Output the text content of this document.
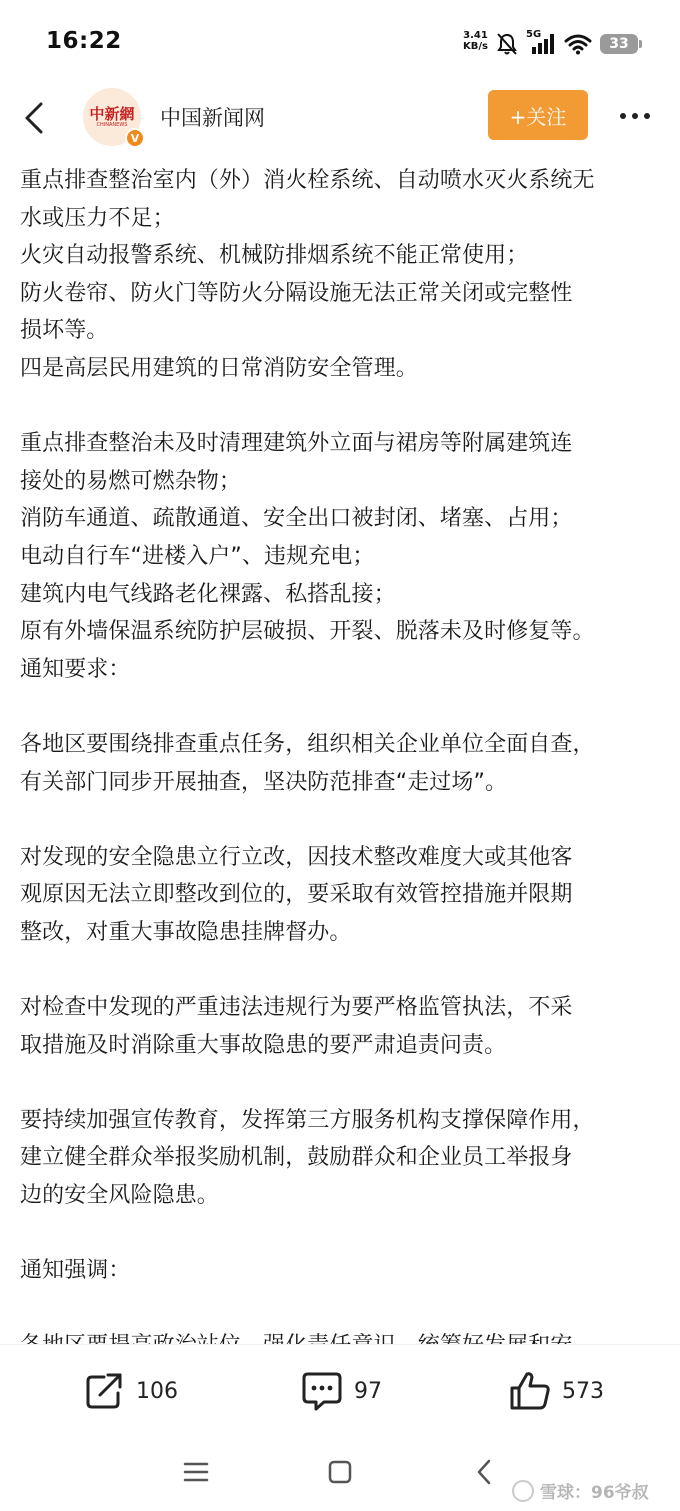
16:22	3.41
KB/s
5G
33
中新網
CHINANEWS
V
中国新闻网	+关注
重点排查整治室内（外）消火栓系统、自动喷水灭火系统无
水或压力不足；
火灾自动报警系统、机械防排烟系统不能正常使用；
防火卷帘、防火门等防火分隔设施无法正常关闭或完整性
损坏等。
四是高层民用建筑的日常消防安全管理。
重点排查整治未及时清理建筑外立面与裙房等附属建筑连
接处的易燃可燃杂物；
消防车通道、疏散通道、安全出口被封闭、堵塞、占用；
电动自行车“进楼入户”、违规充电；
建筑内电气线路老化裸露、私搭乱接；
原有外墙保温系统防护层破损、开裂、脱落未及时修复等。
通知要求：
各地区要围绕排查重点任务，组织相关企业单位全面自查，
有关部门同步开展抽查，坚决防范排查“走过场”。
对发现的安全隐患立行立改，因技术整改难度大或其他客
观原因无法立即整改到位的，要采取有效管控措施并限期
整改，对重大事故隐患挂牌督办。
对检查中发现的严重违法违规行为要严格监管执法，不采
取措施及时消除重大事故隐患的要严肃追责问责。
要持续加强宣传教育，发挥第三方服务机构支撑保障作用，
建立健全群众举报奖励机制，鼓励群众和企业员工举报身
边的安全风险隐患。
通知强调：
106	97	573
雪球：96爷叔
